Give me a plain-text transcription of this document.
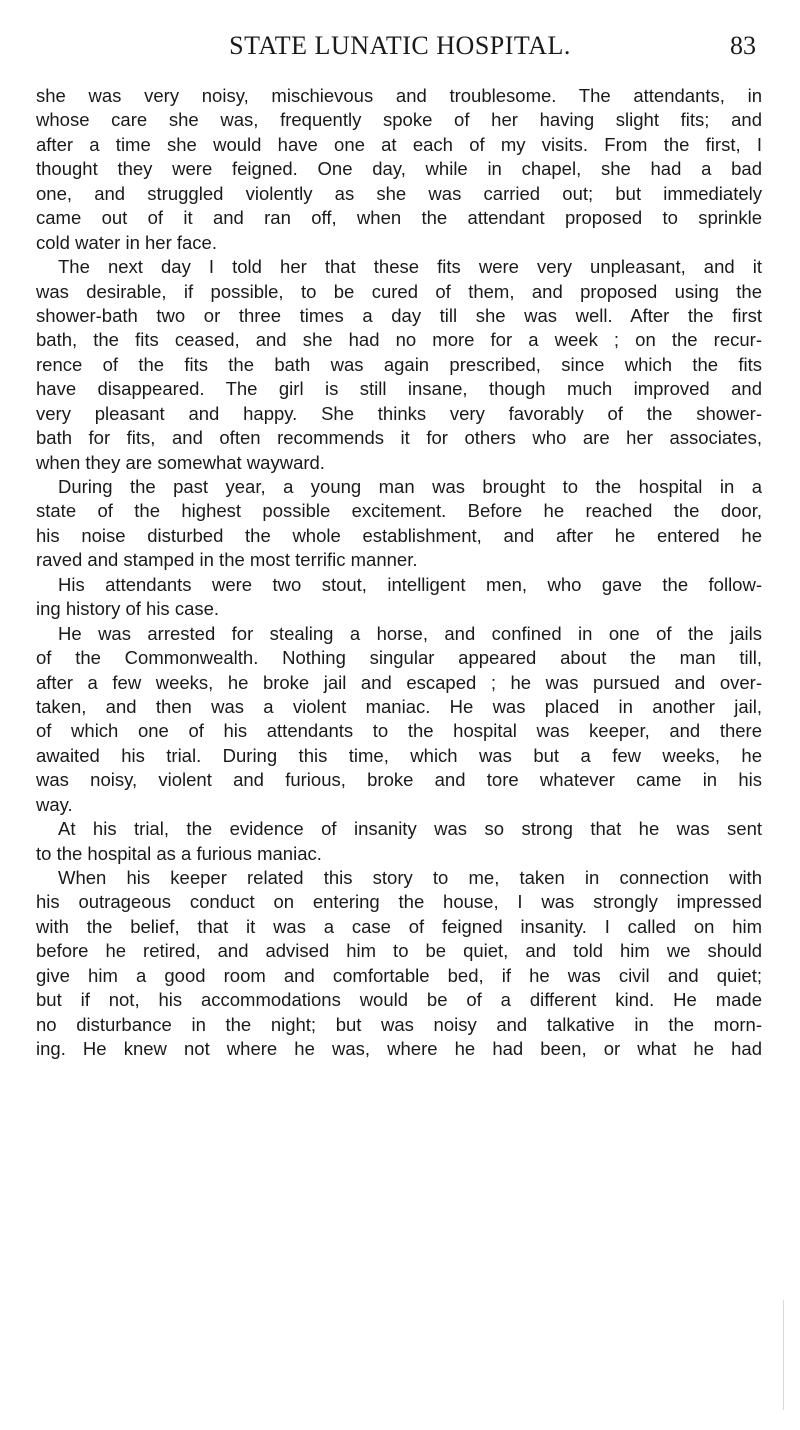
STATE LUNATIC HOSPITAL.	83
she was very noisy, mischievous and troublesome. The attendants, in
whose care she was, frequently spoke of her having slight fits; and
after a time she would have one at each of my visits. From the first, I
thought they were feigned. One day, while in chapel, she had a bad
one, and struggled violently as she was carried out; but immediately
came out of it and ran off, when the attendant proposed to sprinkle
cold water in her face.
The next day I told her that these fits were very unpleasant, and it
was desirable, if possible, to be cured of them, and proposed using the
shower-bath two or three times a day till she was well. After the first
bath, the fits ceased, and she had no more for a week ; on the recur-
rence of the fits the bath was again prescribed, since which the fits
have disappeared. The girl is still insane, though much improved and
very pleasant and happy. She thinks very favorably of the shower-
bath for fits, and often recommends it for others who are her associates,
when they are somewhat wayward.
During the past year, a young man was brought to the hospital in a
state of the highest possible excitement. Before he reached the door,
his noise disturbed the whole establishment, and after he entered he
raved and stamped in the most terrific manner.
His attendants were two stout, intelligent men, who gave the follow-
ing history of his case.
He was arrested for stealing a horse, and confined in one of the jails
of the Commonwealth. Nothing singular appeared about the man till,
after a few weeks, he broke jail and escaped ; he was pursued and over-
taken, and then was a violent maniac. He was placed in another jail,
of which one of his attendants to the hospital was keeper, and there
awaited his trial. During this time, which was but a few weeks, he
was noisy, violent and furious, broke and tore whatever came in his
way.
At his trial, the evidence of insanity was so strong that he was sent
to the hospital as a furious maniac.
When his keeper related this story to me, taken in connection with
his outrageous conduct on entering the house, I was strongly impressed
with the belief, that it was a case of feigned insanity. I called on him
before he retired, and advised him to be quiet, and told him we should
give him a good room and comfortable bed, if he was civil and quiet;
but if not, his accommodations would be of a different kind. He made
no disturbance in the night; but was noisy and talkative in the morn-
ing. He knew not where he was, where he had been, or what he had
